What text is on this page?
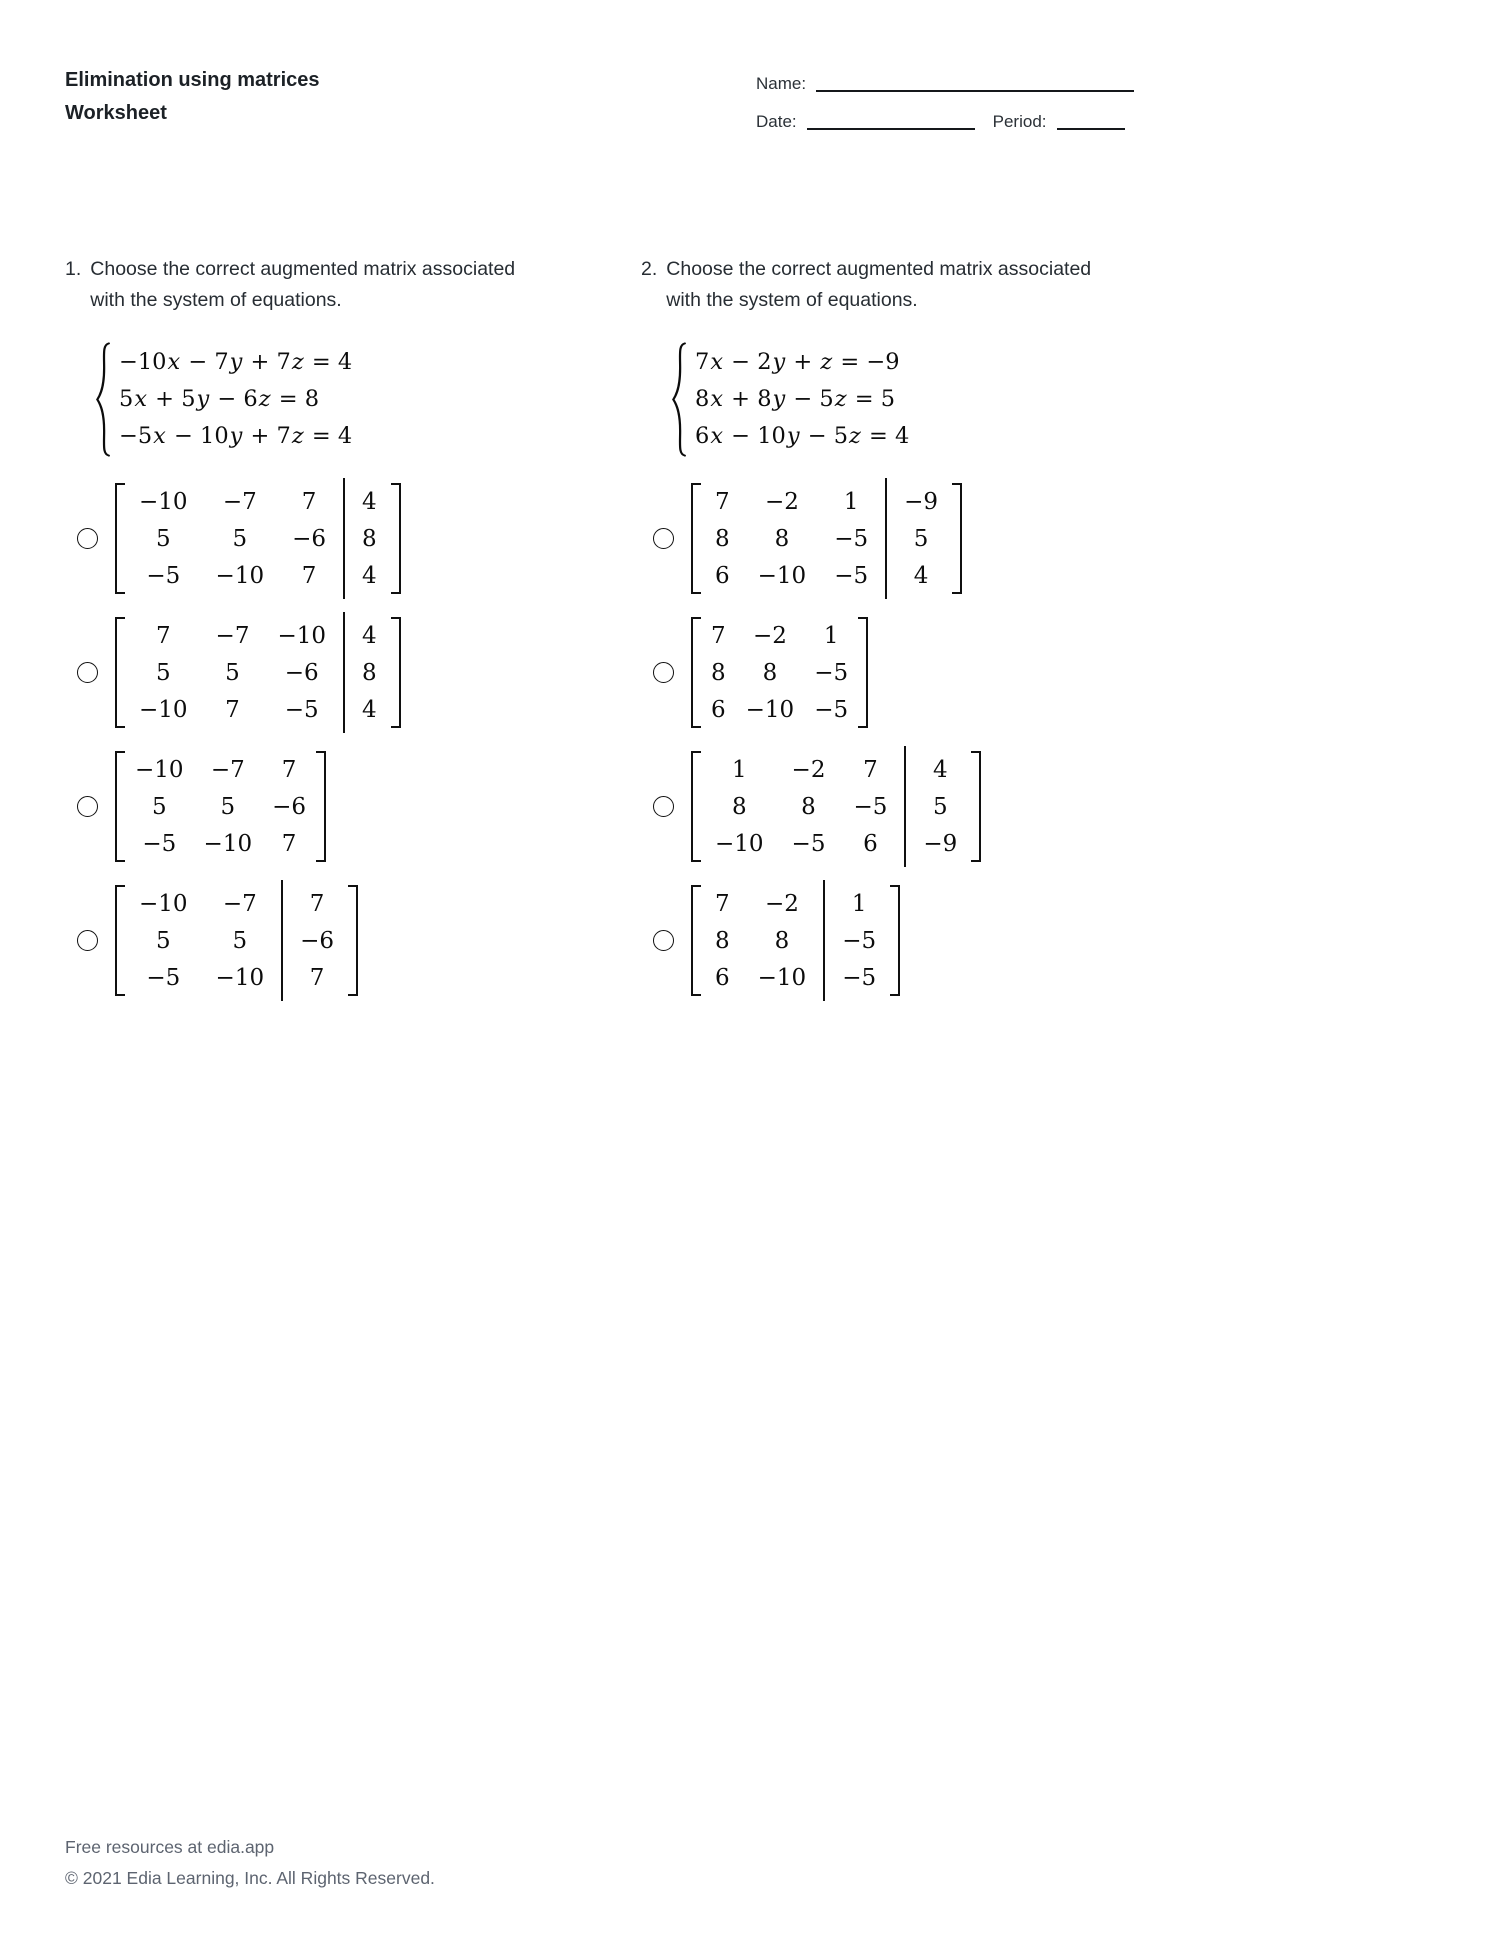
Elimination using matrices
Worksheet
Name:
Date:	Period:
1. Choose the correct augmented matrix associated
with the system of equations.
−10 x − 7 y + 7 z = 4
5 x + 5 y − 6 z = 8
−5 x − 10 y + 7 z = 4
−10
5
−5
−7
5
−10
7
−6
7
4
8
4
7
5
−10
−7
5
7
−10
−6
−5
4
8
4
−10
5
−5
−7
5
−10
7
−6
7
−10
5
−5
−7
5
−10
7
−6
7
2. Choose the correct augmented matrix associated
with the system of equations.
7 x − 2 y + z = −9
8 x + 8 y − 5 z = 5
6 x − 10 y − 5 z = 4
7
8
6
−2
8
−10
1
−5
−5
−9
5
4
7
8
6
−2
8
−10
1
−5
−5
1
8
−10
−2
8
−5
7
−5
6
4
5
−9
7
8
6
−2
8
−10
1
−5
−5
Free resources at edia.app
© 2021 Edia Learning, Inc. All Rights Reserved.
